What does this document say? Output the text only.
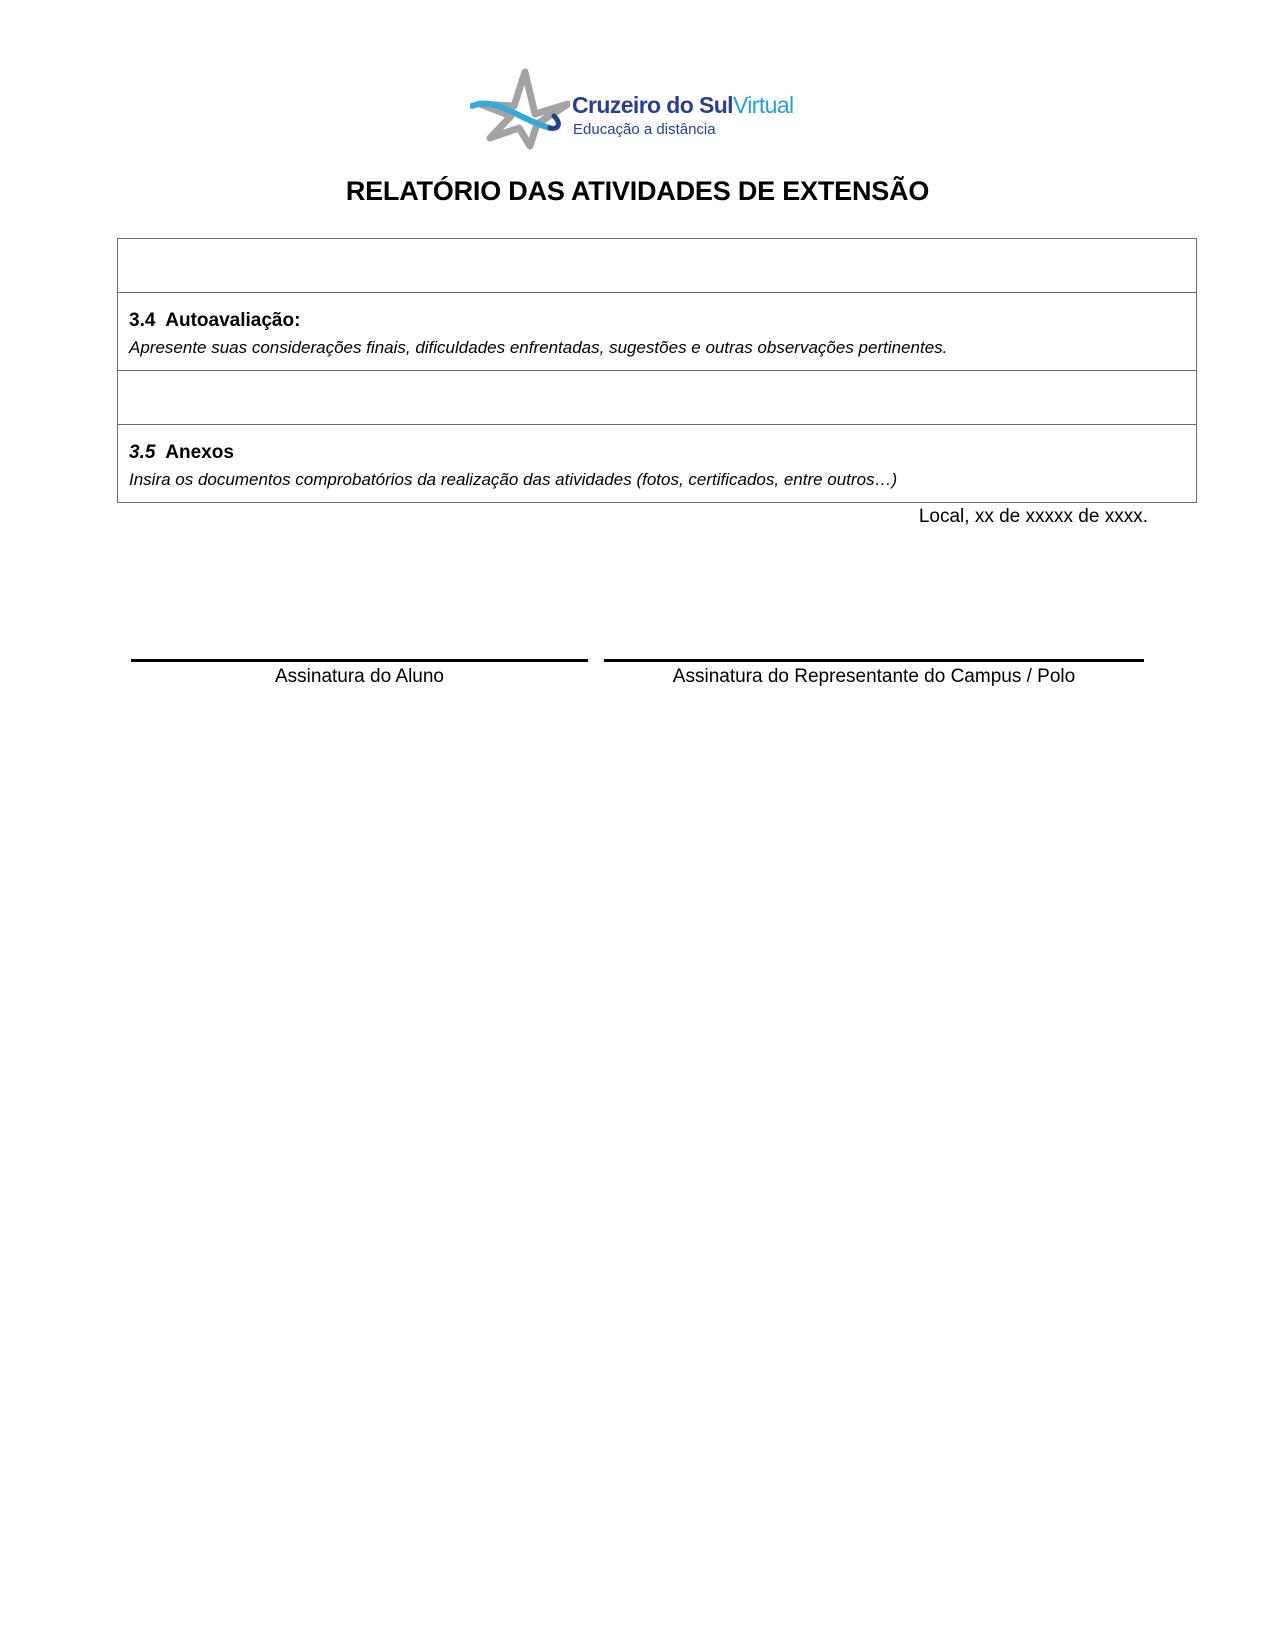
Cruzeiro do SulVirtual
Educação a distância
RELATÓRIO DAS ATIVIDADES DE EXTENSÃO

3.4 Autoavaliação:
Apresente suas considerações finais, dificuldades enfrentadas, sugestões e outras observações pertinentes.

3.5 Anexos
Insira os documentos comprobatórios da realização das atividades (fotos, certificados, entre outros…)
Local, xx de xxxxx de xxxx.
Assinatura do Aluno	Assinatura do Representante do Campus / Polo
